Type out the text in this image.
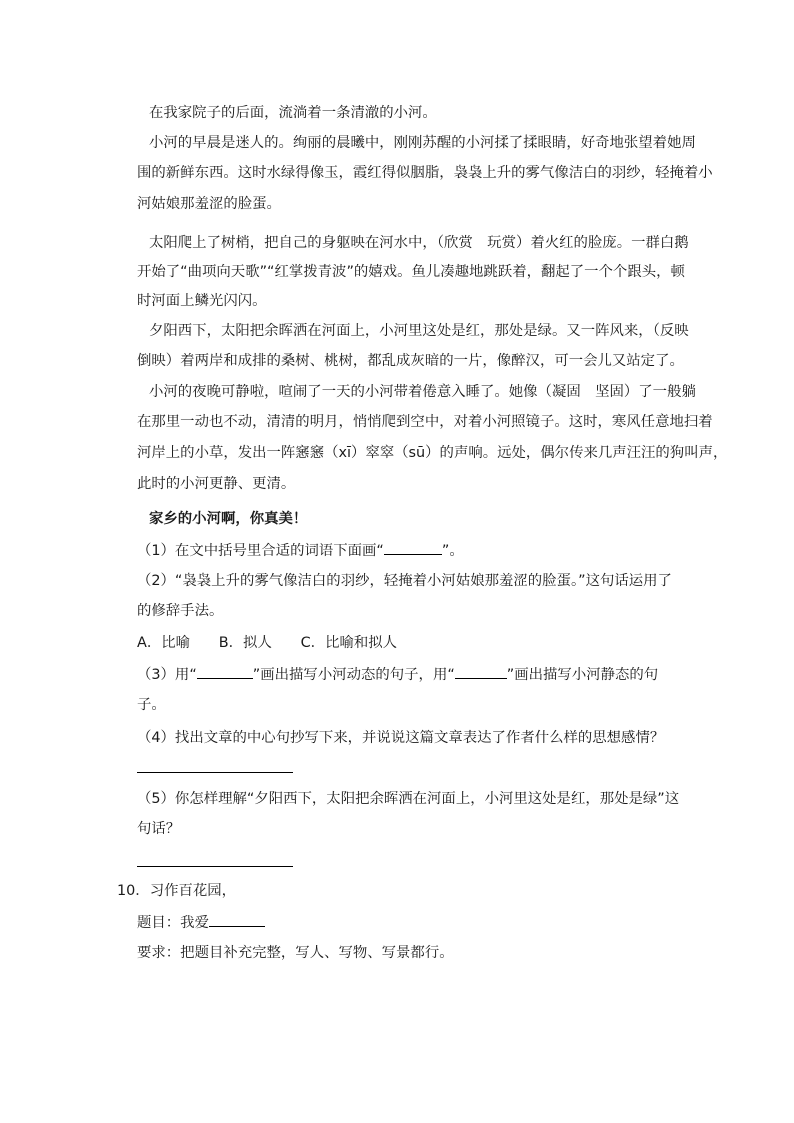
在我家院子的后面，流淌着一条清澈的小河。
小河的早晨是迷人的。绚丽的晨曦中，刚刚苏醒的小河揉了揉眼睛，好奇地张望着她周
围的新鲜东西。这时水绿得像玉，霞红得似胭脂，袅袅上升的雾气像洁白的羽纱，轻掩着小
河姑娘那羞涩的脸蛋。
太阳爬上了树梢，把自己的身躯映在河水中，（欣赏　玩赏）着火红的脸庞。一群白鹅
开始了“曲项向天歌”“红掌拨青波”的嬉戏。鱼儿凑趣地跳跃着，翻起了一个个跟头，顿
时河面上鳞光闪闪。
夕阳西下，太阳把余晖洒在河面上，小河里这处是红，那处是绿。又一阵风来，（反映
倒映）着两岸和成排的桑树、桃树，都乱成灰暗的一片，像醉汉，可一会儿又站定了。
小河的夜晚可静啦，喧闹了一天的小河带着倦意入睡了。她像（凝固　坚固）了一般躺
在那里一动也不动，清清的明月，悄悄爬到空中，对着小河照镜子。这时，寒风任意地扫着
河岸上的小草，发出一阵窸窸（xī）窣窣（sū）的声响。远处，偶尔传来几声汪汪的狗叫声，
此时的小河更静、更清。
家乡的小河啊，你真美！
（1）在文中括号里合适的词语下面画“	”。
（2）“袅袅上升的雾气像洁白的羽纱，轻掩着小河姑娘那羞涩的脸蛋。”这句话运用了
的修辞手法。
A．比喻　　B．拟人　　C．比喻和拟人
（3）用“	”画出描写小河动态的句子，用“	”画出描写小河静态的句
子。
（4）找出文章的中心句抄写下来，并说说这篇文章表达了作者什么样的思想感情？
（5）你怎样理解“夕阳西下，太阳把余晖洒在河面上，小河里这处是红，那处是绿”这
句话？
10．习作百花园，
题目：我爱
要求：把题目补充完整，写人、写物、写景都行。
